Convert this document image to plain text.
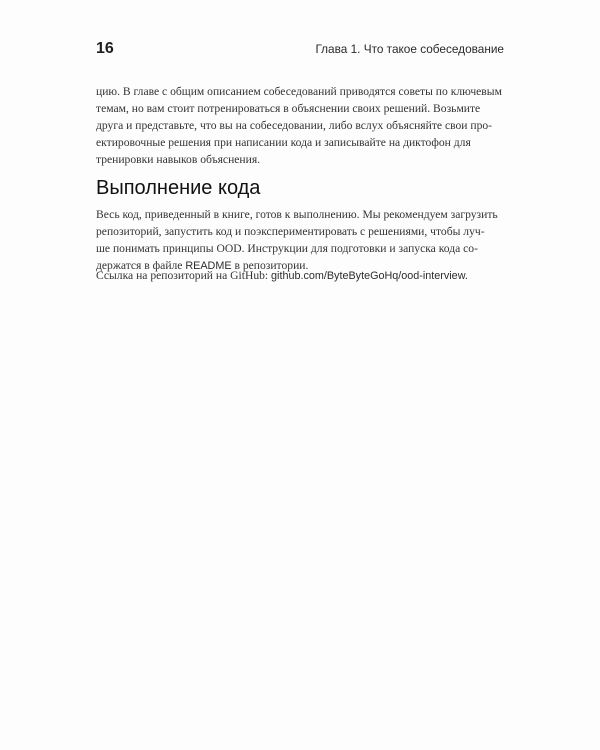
16	Глава 1. Что такое собеседование

цию. В главе с общим описанием собеседований приводятся советы по ключевым
темам, но вам стоит потренироваться в объяснении своих решений. Возьмите
друга и представьте, что вы на собеседовании, либо вслух объясняйте свои про-
ектировочные решения при написании кода и записывайте на диктофон для
тренировки навыков объяснения.

Выполнение кода

Весь код, приведенный в книге, готов к выполнению. Мы рекомендуем загрузить
репозиторий, запустить код и поэкспериментировать с решениями, чтобы луч-
ше понимать принципы OOD. Инструкции для подготовки и запуска кода со-
держатся в файле README в репозитории.

Ссылка на репозиторий на GitHub: github.com/ByteByteGoHq/ood-interview.
